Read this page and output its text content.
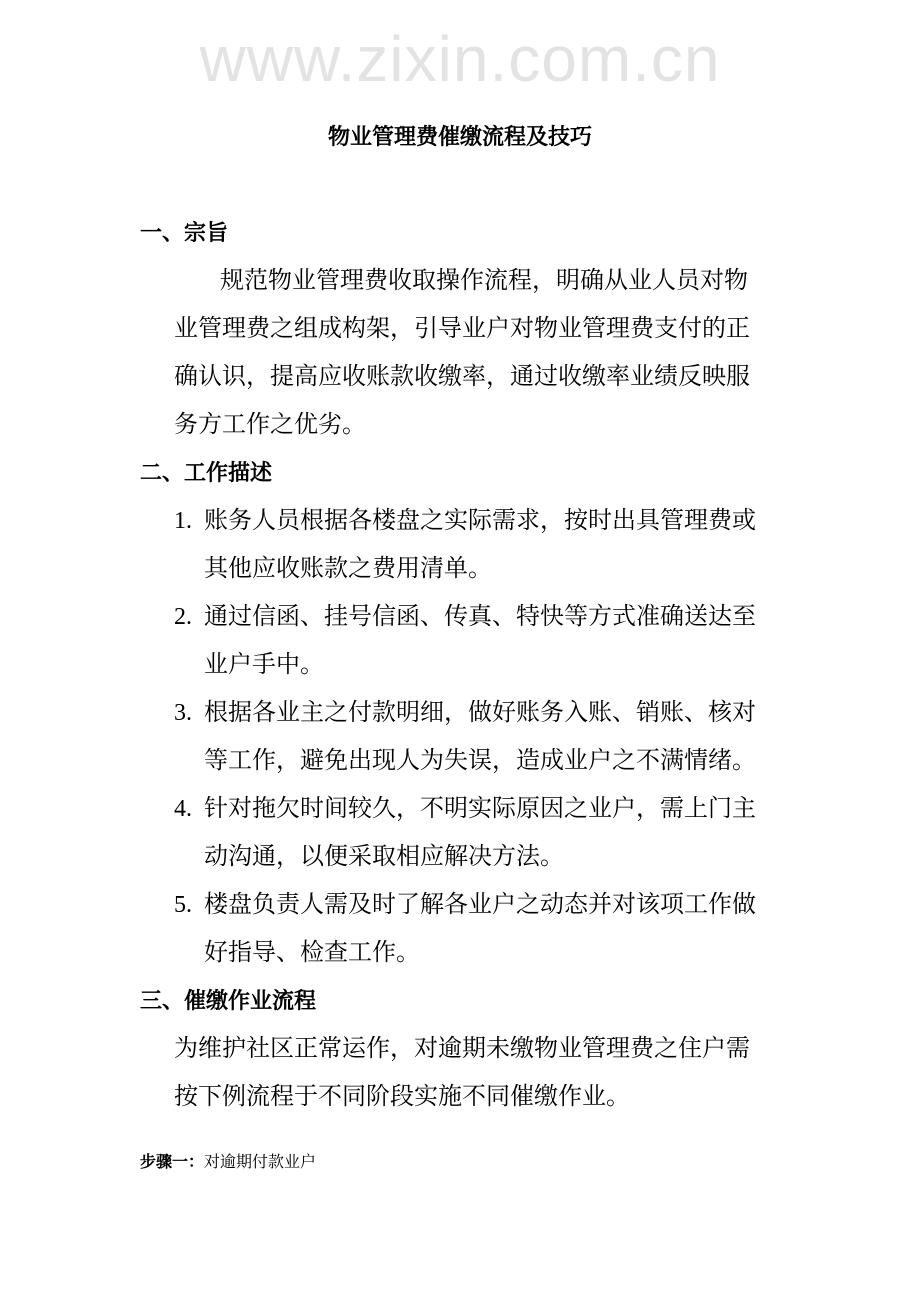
www.zixin.com.cn
物业管理费催缴流程及技巧
一、宗旨
规范物业管理费收取操作流程，明确从业人员对物
业管理费之组成构架，引导业户对物业管理费支付的正
确认识，提高应收账款收缴率，通过收缴率业绩反映服
务方工作之优劣。
二、工作描述
1. 账务人员根据各楼盘之实际需求，按时出具管理费或
其他应收账款之费用清单。
2. 通过信函、挂号信函、传真、特快等方式准确送达至
业户手中。
3. 根据各业主之付款明细，做好账务入账、销账、核对
等工作，避免出现人为失误，造成业户之不满情绪。
4. 针对拖欠时间较久，不明实际原因之业户，需上门主
动沟通，以便采取相应解决方法。
5. 楼盘负责人需及时了解各业户之动态并对该项工作做
好指导、检查工作。
三、催缴作业流程
为维护社区正常运作，对逾期未缴物业管理费之住户需
按下例流程于不同阶段实施不同催缴作业。
步骤一：对逾期付款业户
